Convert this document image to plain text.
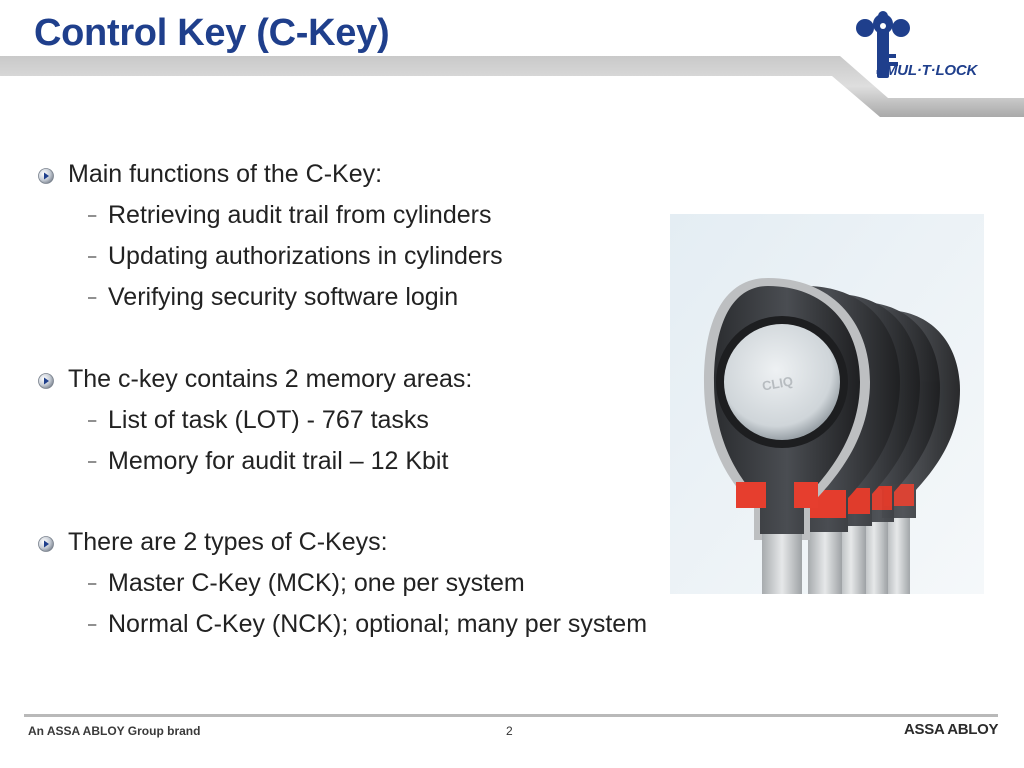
Control Key (C-Key)
® MUL·T·LOCK
Main functions of the C-Key:
– Retrieving audit trail from cylinders
– Updating authorizations in cylinders
– Verifying security software login
The c-key contains 2 memory areas:
– List of task (LOT) - 767 tasks
– Memory for audit trail – 12 Kbit
There are 2 types of C-Keys:
– Master C-Key (MCK); one per system
– Normal C-Key (NCK); optional; many per system
CLIQ
An ASSA ABLOY Group brand	2	ASSA ABLOY
